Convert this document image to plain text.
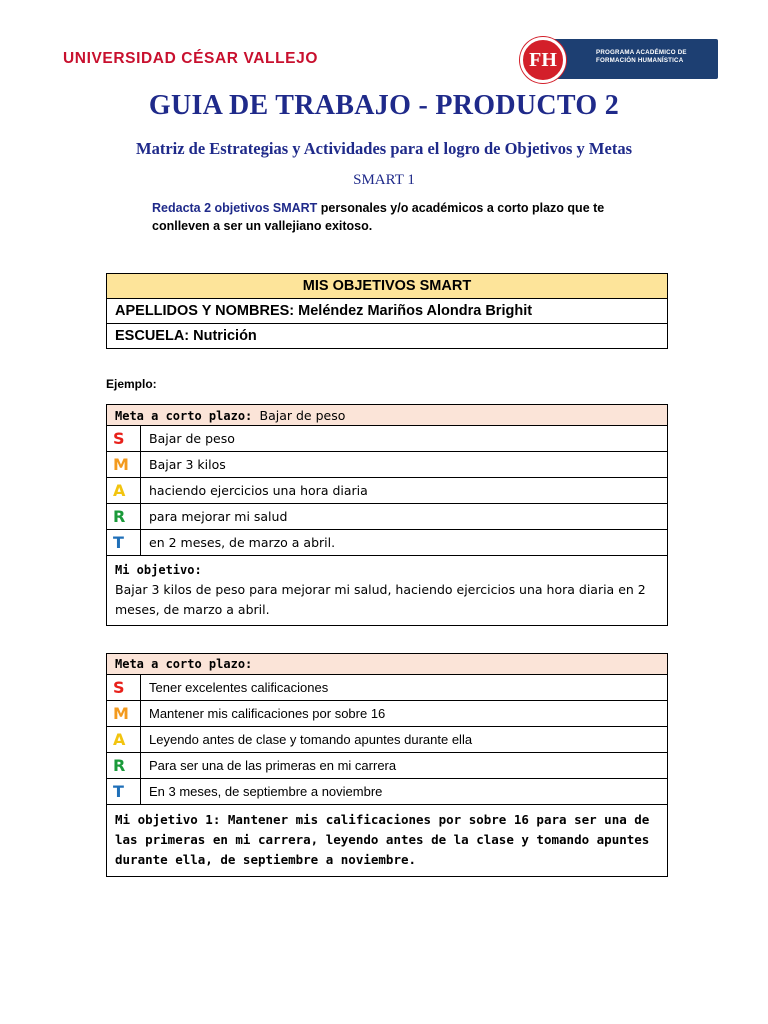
UNIVERSIDAD CÉSAR VALLEJO	FH	PROGRAMA ACADÉMICO DE
FORMACIÓN HUMANÍSTICA
GUIA DE TRABAJO - PRODUCTO 2
Matriz de Estrategias y Actividades para el logro de Objetivos y Metas
SMART 1
Redacta 2 objetivos SMART personales y/o académicos a corto plazo que te conlleven a ser un vallejiano exitoso.
MIS OBJETIVOS SMART
APELLIDOS Y NOMBRES: Meléndez Mariños Alondra Brighit
ESCUELA: Nutrición
Ejemplo:
Meta a corto plazo: Bajar de peso	
S	Bajar de peso
M	Bajar 3 kilos
A	haciendo ejercicios una hora diaria
R	para mejorar mi salud
T	en 2 meses, de marzo a abril.

Mi objetivo:
Bajar 3 kilos de peso para mejorar mi salud, haciendo ejercicios una hora diaria en 2 meses, de marzo a abril.	
Meta a corto plazo:	
S	Tener excelentes calificaciones
M	Mantener mis calificaciones por sobre 16
A	Leyendo antes de clase y tomando apuntes durante ella
R	Para ser una de las primeras en mi carrera
T	En 3 meses, de septiembre a noviembre
Mi objetivo 1: Mantener mis calificaciones por sobre 16 para ser una de las primeras en mi carrera, leyendo antes de la clase y tomando apuntes durante ella, de septiembre a noviembre.	
